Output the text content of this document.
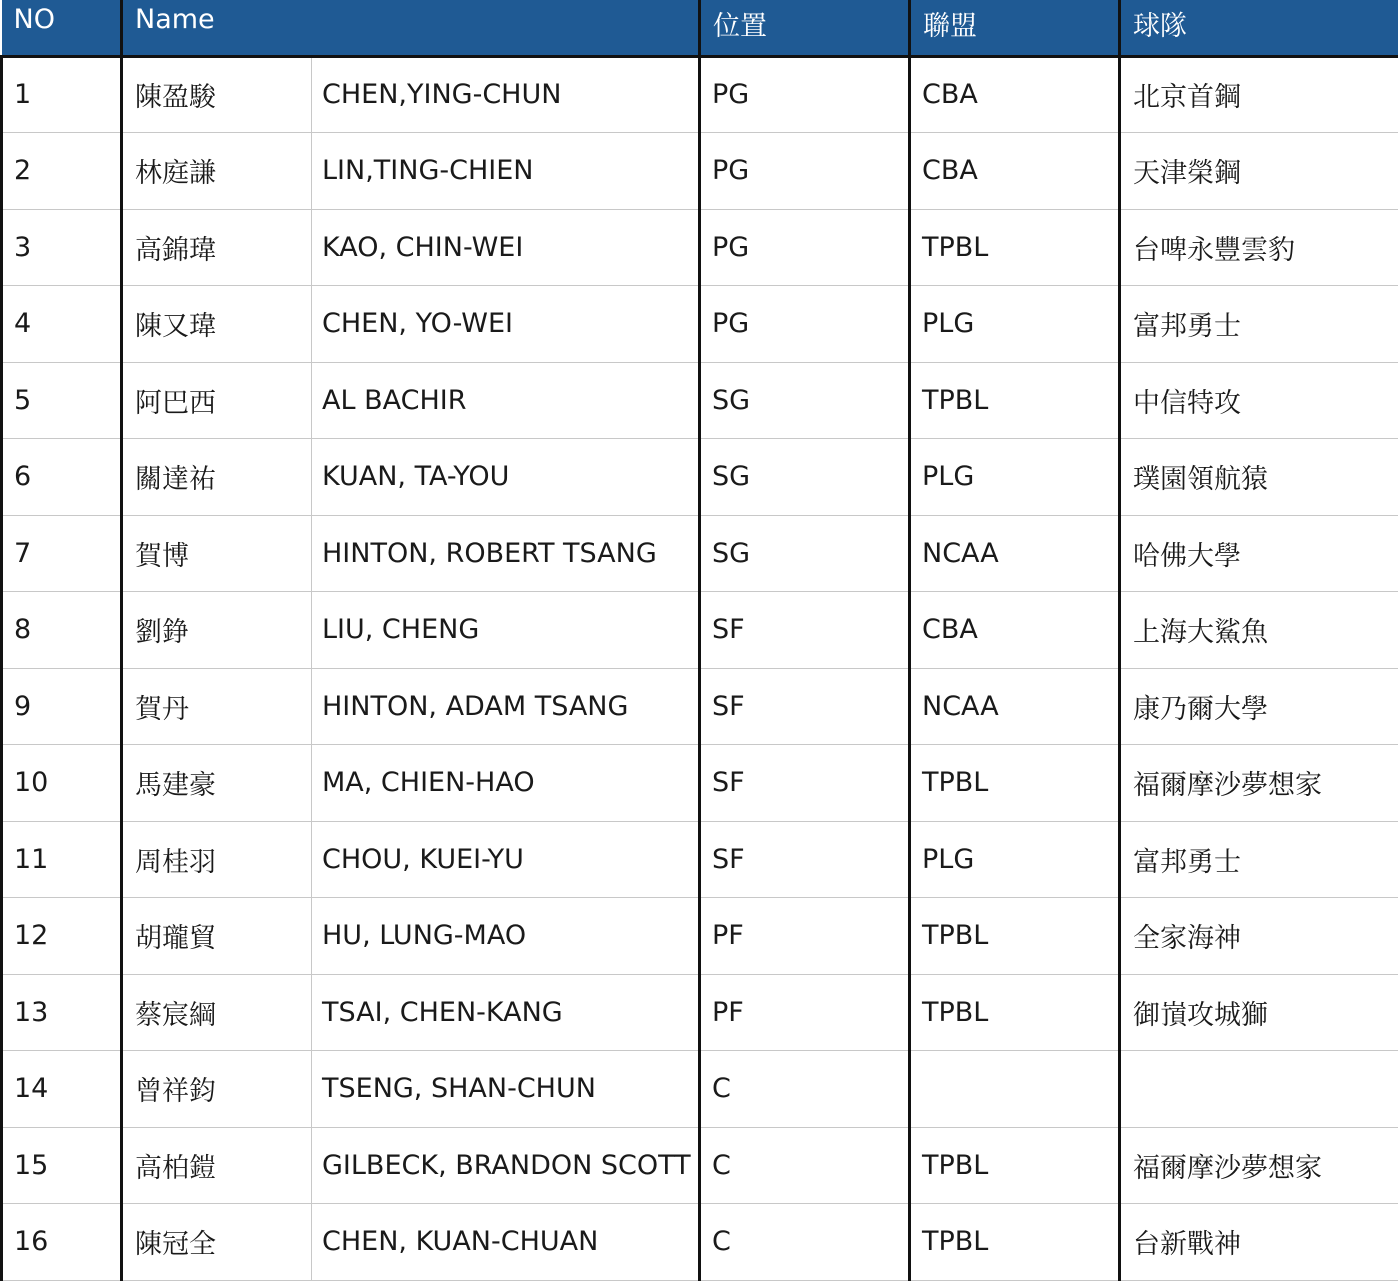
NO	Name		位置	聯盟	球隊
1	陳盈駿	CHEN,YING-CHUN	PG	CBA	北京首鋼
2	林庭謙	LIN,TING-CHIEN	PG	CBA	天津榮鋼
3	高錦瑋	KAO, CHIN-WEI	PG	TPBL	台啤永豐雲豹
4	陳又瑋	CHEN, YO-WEI	PG	PLG	富邦勇士
5	阿巴西	AL BACHIR	SG	TPBL	中信特攻
6	關達祐	KUAN, TA-YOU	SG	PLG	璞園領航猿
7	賀博	HINTON, ROBERT TSANG	SG	NCAA	哈佛大學
8	劉錚	LIU, CHENG	SF	CBA	上海大鯊魚
9	賀丹	HINTON, ADAM TSANG	SF	NCAA	康乃爾大學
10	馬建豪	MA, CHIEN-HAO	SF	TPBL	福爾摩沙夢想家
11	周桂羽	CHOU, KUEI-YU	SF	PLG	富邦勇士
12	胡瓏貿	HU, LUNG-MAO	PF	TPBL	全家海神
13	蔡宸綱	TSAI, CHEN-KANG	PF	TPBL	御嵿攻城獅
14	曾祥鈞	TSENG, SHAN-CHUN	C		
15	高柏鎧	GILBECK, BRANDON SCOTT	C	TPBL	福爾摩沙夢想家
16	陳冠全	CHEN, KUAN-CHUAN	C	TPBL	台新戰神
